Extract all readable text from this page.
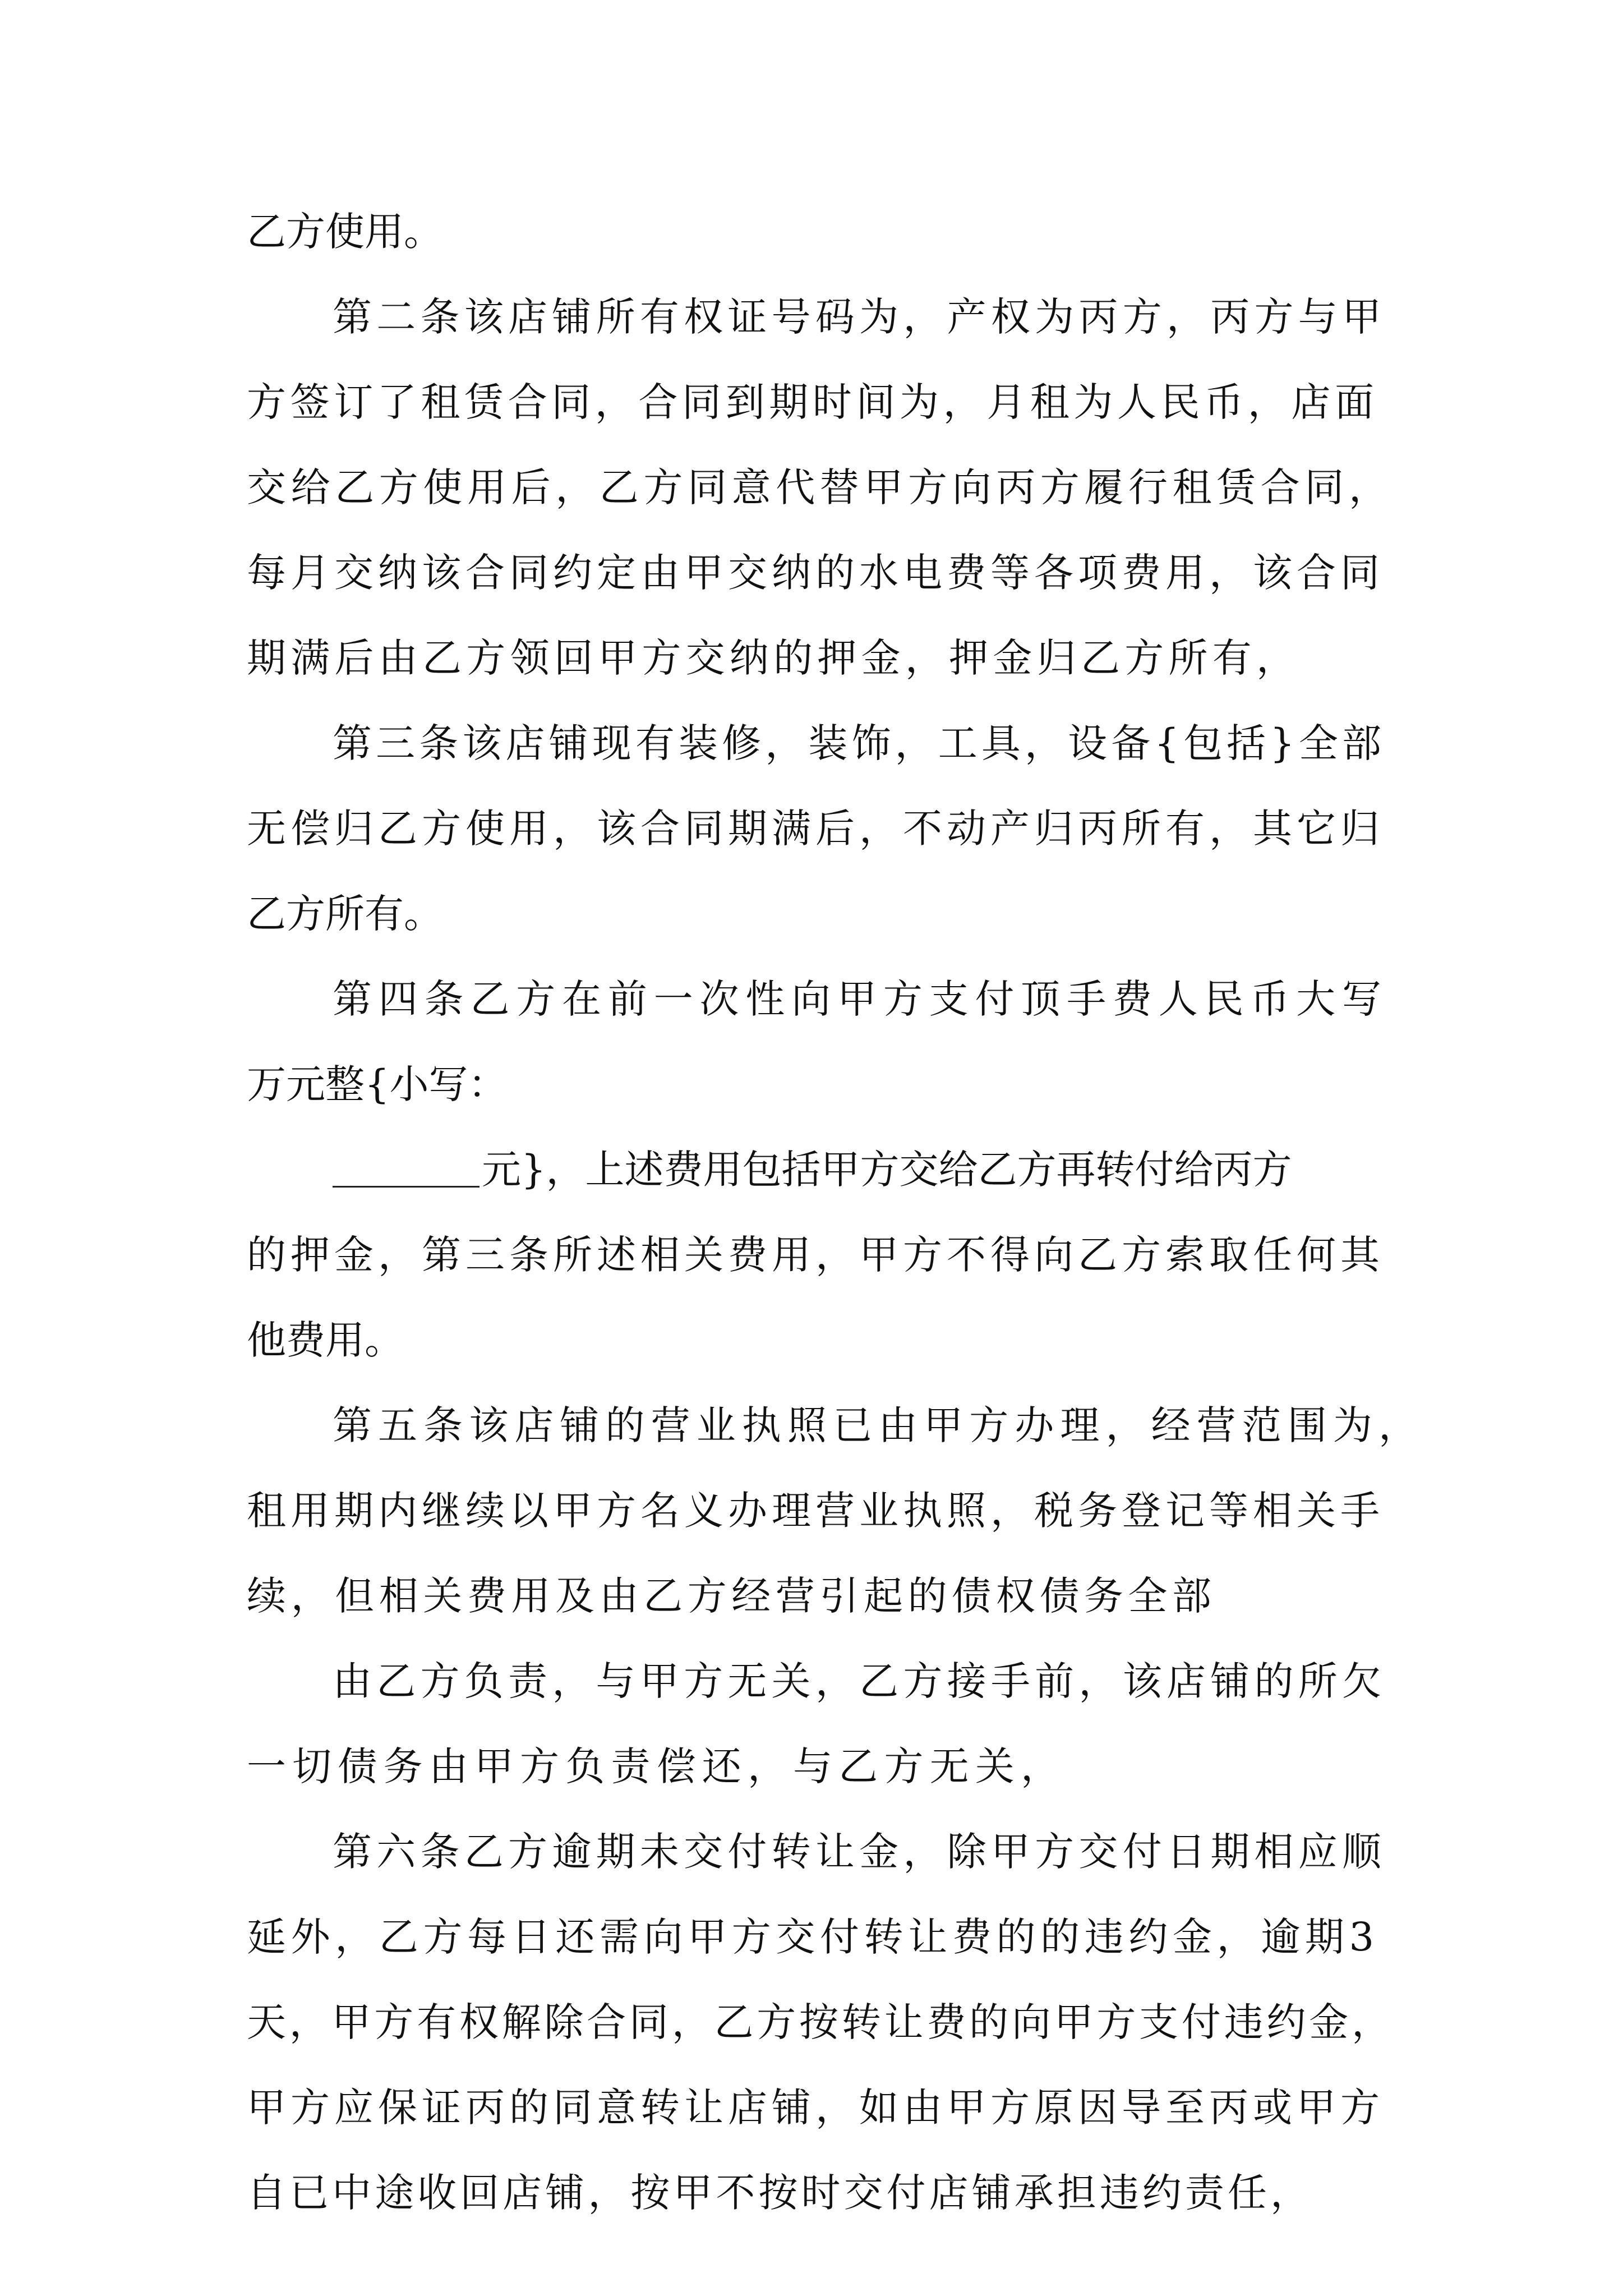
乙方使用。
第二条该店铺所有权证号码为，产权为丙方，丙方与甲
方签订了租赁合同，合同到期时间为，月租为人民币，店面
交给乙方使用后，乙方同意代替甲方向丙方履行租赁合同，
每月交纳该合同约定由甲交纳的水电费等各项费用，该合同
期满后由乙方领回甲方交纳的押金，押金归乙方所有，
第三条该店铺现有装修，装饰，工具，设备{包括}全部
无偿归乙方使用，该合同期满后，不动产归丙所有，其它归
乙方所有。
第四条乙方在前一次性向甲方支付顶手费人民币大写
万元整{小写：
元}，上述费用包括甲方交给乙方再转付给丙方
的押金，第三条所述相关费用，甲方不得向乙方索取任何其
他费用。
第五条该店铺的营业执照已由甲方办理，经营范围为，
租用期内继续以甲方名义办理营业执照，税务登记等相关手
续，但相关费用及由乙方经营引起的债权债务全部
由乙方负责，与甲方无关，乙方接手前，该店铺的所欠
一切债务由甲方负责偿还，与乙方无关，
第六条乙方逾期未交付转让金，除甲方交付日期相应顺
延外，乙方每日还需向甲方交付转让费的的违约金，逾期3
天，甲方有权解除合同，乙方按转让费的向甲方支付违约金，
甲方应保证丙的同意转让店铺，如由甲方原因导至丙或甲方
自已中途收回店铺，按甲不按时交付店铺承担违约责任，
